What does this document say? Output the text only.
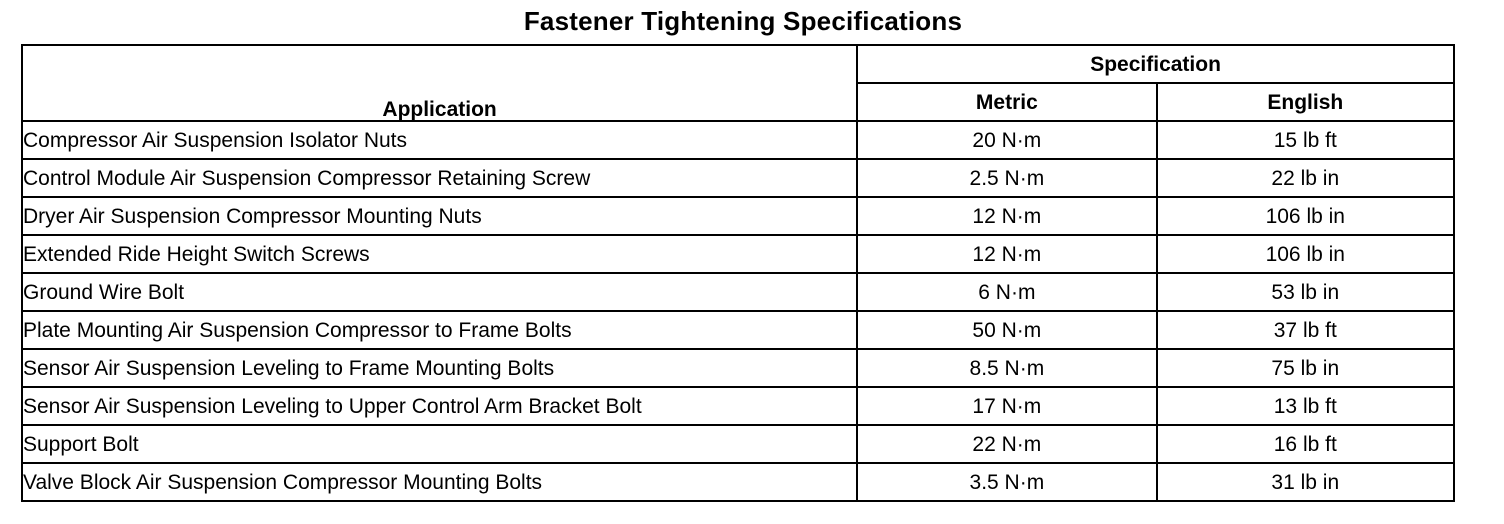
Fastener Tightening Specifications
Application	Specification	
	Metric	English
Compressor Air Suspension Isolator Nuts	20 N·m	15 lb ft
Control Module Air Suspension Compressor Retaining Screw	2.5 N·m	22 lb in
Dryer Air Suspension Compressor Mounting Nuts	12 N·m	106 lb in
Extended Ride Height Switch Screws	12 N·m	106 lb in
Ground Wire Bolt	6 N·m	53 lb in
Plate Mounting Air Suspension Compressor to Frame Bolts	50 N·m	37 lb ft
Sensor Air Suspension Leveling to Frame Mounting Bolts	8.5 N·m	75 lb in
Sensor Air Suspension Leveling to Upper Control Arm Bracket Bolt	17 N·m	13 lb ft
Support Bolt	22 N·m	16 lb ft
Valve Block Air Suspension Compressor Mounting Bolts	3.5 N·m	31 lb in
